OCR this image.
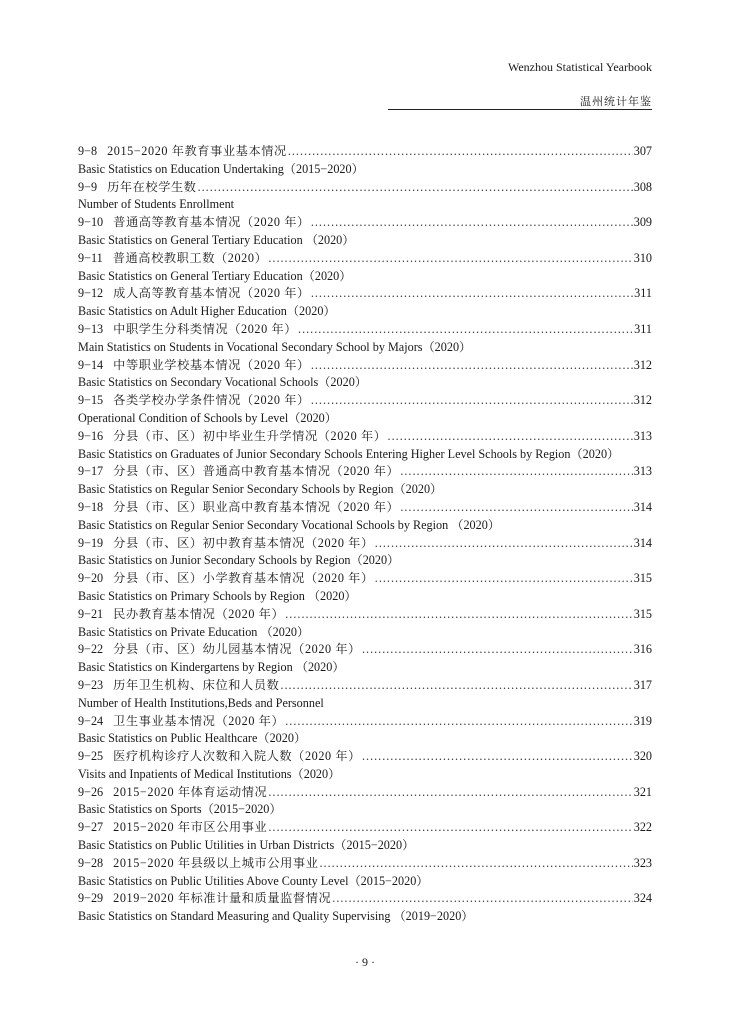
Wenzhou Statistical Yearbook
温州统计年鉴
9−8 2015−2020 年教育事业基本情况 .....	307
Basic Statistics on Education Undertaking（2015−2020）
9−9 历年在校学生数 .....	308
Number of Students Enrollment
9−10 普通高等教育基本情况（2020 年） .....	309
Basic Statistics on General Tertiary Education （2020）
9−11 普通高校教职工数（2020） .....	310
Basic Statistics on General Tertiary Education（2020）
9−12 成人高等教育基本情况（2020 年） .....	311
Basic Statistics on Adult Higher Education（2020）
9−13 中职学生分科类情况（2020 年） .....	311
Main Statistics on Students in Vocational Secondary School by Majors（2020）
9−14 中等职业学校基本情况（2020 年） .....	312
Basic Statistics on Secondary Vocational Schools（2020）
9−15 各类学校办学条件情况（2020 年） .....	312
Operational Condition of Schools by Level（2020）
9−16 分县（市、区）初中毕业生升学情况（2020 年） .....	313
Basic Statistics on Graduates of Junior Secondary Schools Entering Higher Level Schools by Region（2020）
9−17 分县（市、区）普通高中教育基本情况（2020 年） .....	313
Basic Statistics on Regular Senior Secondary Schools by Region（2020）
9−18 分县（市、区）职业高中教育基本情况（2020 年） .....	314
Basic Statistics on Regular Senior Secondary Vocational Schools by Region （2020）
9−19 分县（市、区）初中教育基本情况（2020 年） .....	314
Basic Statistics on Junior Secondary Schools by Region（2020）
9−20 分县（市、区）小学教育基本情况（2020 年） .....	315
Basic Statistics on Primary Schools by Region （2020）
9−21 民办教育基本情况（2020 年） .....	315
Basic Statistics on Private Education （2020）
9−22 分县（市、区）幼儿园基本情况（2020 年） .....	316
Basic Statistics on Kindergartens by Region （2020）
9−23 历年卫生机构、床位和人员数 .....	317
Number of Health Institutions,Beds and Personnel
9−24 卫生事业基本情况（2020 年） .....	319
Basic Statistics on Public Healthcare（2020）
9−25 医疗机构诊疗人次数和入院人数（2020 年） .....	320
Visits and Inpatients of Medical Institutions（2020）
9−26 2015−2020 年体育运动情况 .....	321
Basic Statistics on Sports（2015−2020）
9−27 2015−2020 年市区公用事业 .....	322
Basic Statistics on Public Utilities in Urban Districts（2015−2020）
9−28 2015−2020 年县级以上城市公用事业 .....	323
Basic Statistics on Public Utilities Above County Level（2015−2020）
9−29 2019−2020 年标准计量和质量监督情况 .....	324
Basic Statistics on Standard Measuring and Quality Supervising （2019−2020）
· 9 ·
